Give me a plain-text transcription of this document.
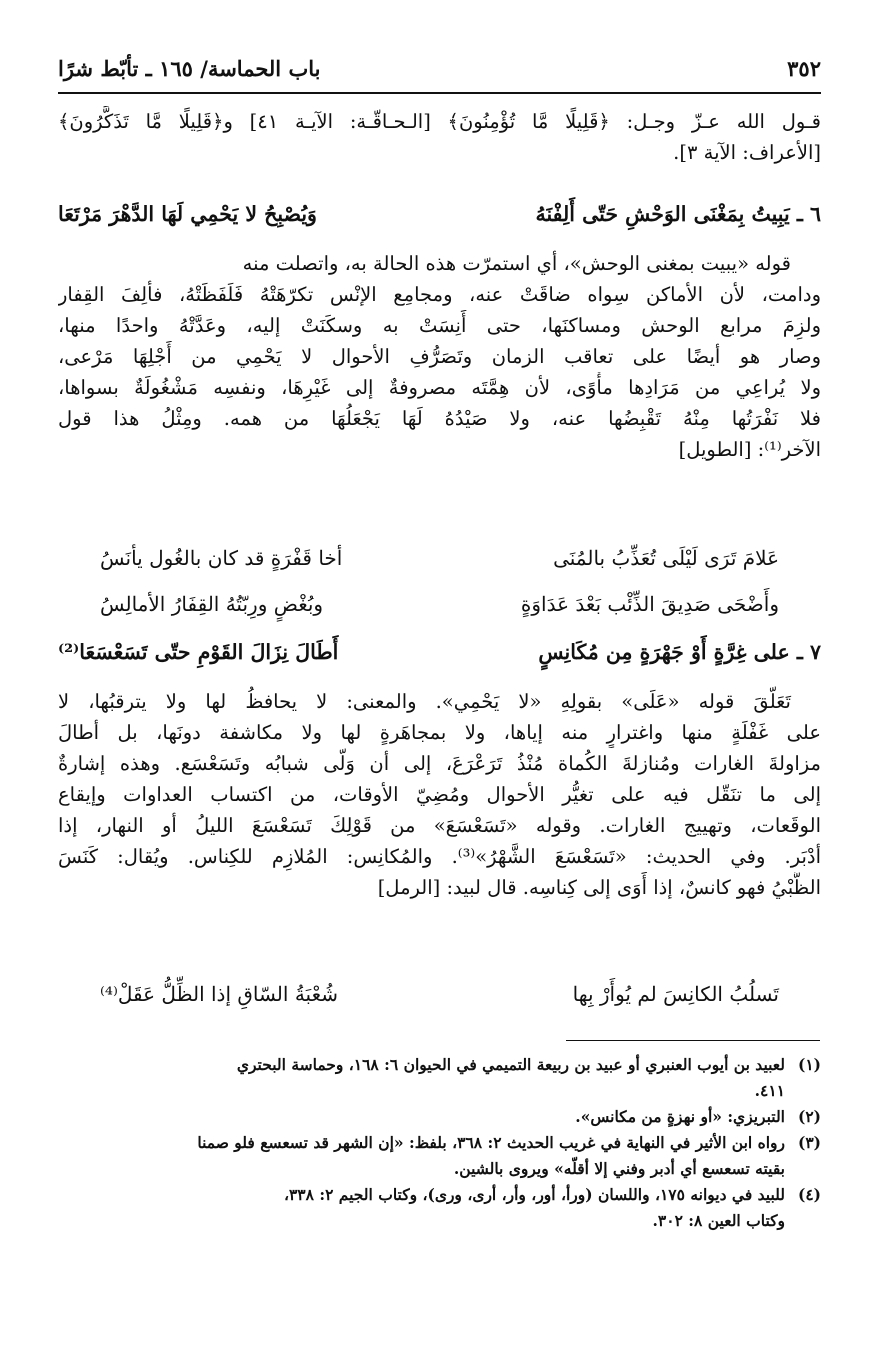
٣٥٢
باب الحماسة/ ١٦٥ ـ تأبّط شرًا
قـول الله عـزّ وجـل: ﴿قَلِيلًا مَّا تُؤْمِنُونَ﴾ [الـحـاقّـة: الآيـة ٤١] و﴿قَلِيلًا مَّا تَذَكَّرُونَ﴾
[الأعراف: الآية ٣].
٦ ـ يَبِيتُ بِمَغْنَى الوَحْشِ حَتّى أَلِفْنَهُ
وَيُصْبِحُ لا يَحْمِي لَهَا الدَّهْرَ مَرْتَعَا
قوله «يبيت بمغنى الوحش»، أي استمرّت هذه الحالة به، واتصلت منه
ودامت، لأن الأماكن سِواه ضاقَتْ عنه، ومجامِع الإنْس تكرّهَتْهُ فَلَفَظَتْهُ، فألِفَ القِفار
ولزِمَ مرابع الوحش ومساكنَها، حتى أَنِسَتْ به وسكَنَتْ إليه، وعَدَّتْهُ واحدًا منها،
وصار هو أيضًا على تعاقب الزمان وتَصَرُّفِ الأحوال لا يَحْمِي من أَجْلِهَا مَرْعى،
ولا يُراعِي من مَرَادِها مأْوًى، لأن هِمَّتَه مصروفةٌ إلى غَيْرِهَا، ونفسِه مَشْغُولَةٌ بسواها،
فلا نَفْرَتُها مِنْهُ تَقْبِضُها عنه، ولا صَيْدُهُ لَهَا يَجْعَلُهَا من همه. ومِثْلُ هذا قول
الآخر⁽¹⁾: [الطويل]
عَلامَ تَرَى لَيْلَى تُعَذِّبُ بالمُنَى
أخا قَفْرَةٍ قد كان بالغُول يأنَسُ
وأَضْحَى صَدِيقَ الذِّئْب بَعْدَ عَدَاوَةٍ
وبُغْضٍ ورِبّتُهُ القِفَارُ الأمالِسُ
٧ ـ على غِرَّةٍ أَوْ جَهْرَةٍ مِن مُكَانِسٍ
أَطَالَ نِزَالَ القَوْمِ حتّى تَسَعْسَعَا⁽²⁾
تَعَلّقَ قوله «عَلَى» بقولِهِ «لا يَحْمِي». والمعنى: لا يحافظُ لها ولا يترقبُها، لا
على غَفْلَةٍ منها واغترارٍ منه إياها، ولا بمجاهَرةٍ لها ولا مكاشفة دونَها، بل أطالَ
مزاولةَ الغارات ومُنازلةَ الكُماة مُنْذُ تَرَعْرَعَ، إلى أن وَلّى شبابُه وتَسَعْسَع. وهذه إشارةٌ
إلى ما تنَقّل فيه على تغيُّر الأحوال ومُضِيّ الأوقات، من اكتساب العداوات وإيقاع
الوقَعات، وتهييج الغارات. وقوله «تَسَعْسَعَ» من قَوْلِكَ تَسَعْسَعَ الليلُ أو النهار، إذا
أدْبَر. وفي الحديث: «تَسَعْسَعَ الشَّهْرُ»⁽³⁾. والمُكانِس: المُلازِم للكِناس. ويُقال: كَنَسَ
الظَّبْيُ فهو كانسٌ، إذا أَوَى إلى كِناسِه. قال لبيد: [الرمل]
تَسلُبُ الكانِسَ لم يُوأَرْ بِها
شُعْبَةُ السّاقِ إذا الظِّلُّ عَقَلْ⁽⁴⁾
(١)
لعبيد بن أيوب العنبري أو عبيد بن ربيعة التميمي في الحيوان ٦: ١٦٨، وحماسة البحتري
٤١١.
(٢)
التبريزي: «أو نهزةٍ من مكانس».
(٣)
رواه ابن الأثير في النهاية في غريب الحديث ٢: ٣٦٨، بلفظ: «إن الشهر قد تسعسع فلو صمنا
بقيته تسعسع أي أدبر وفني إلا أقلّه» ويروى بالشين.
(٤)
للبيد في ديوانه ١٧٥، واللسان (ورأ، أور، وأر، أرى، ورى)، وكتاب الجيم ٢: ٣٣٨،
وكتاب العين ٨: ٣٠٢.
